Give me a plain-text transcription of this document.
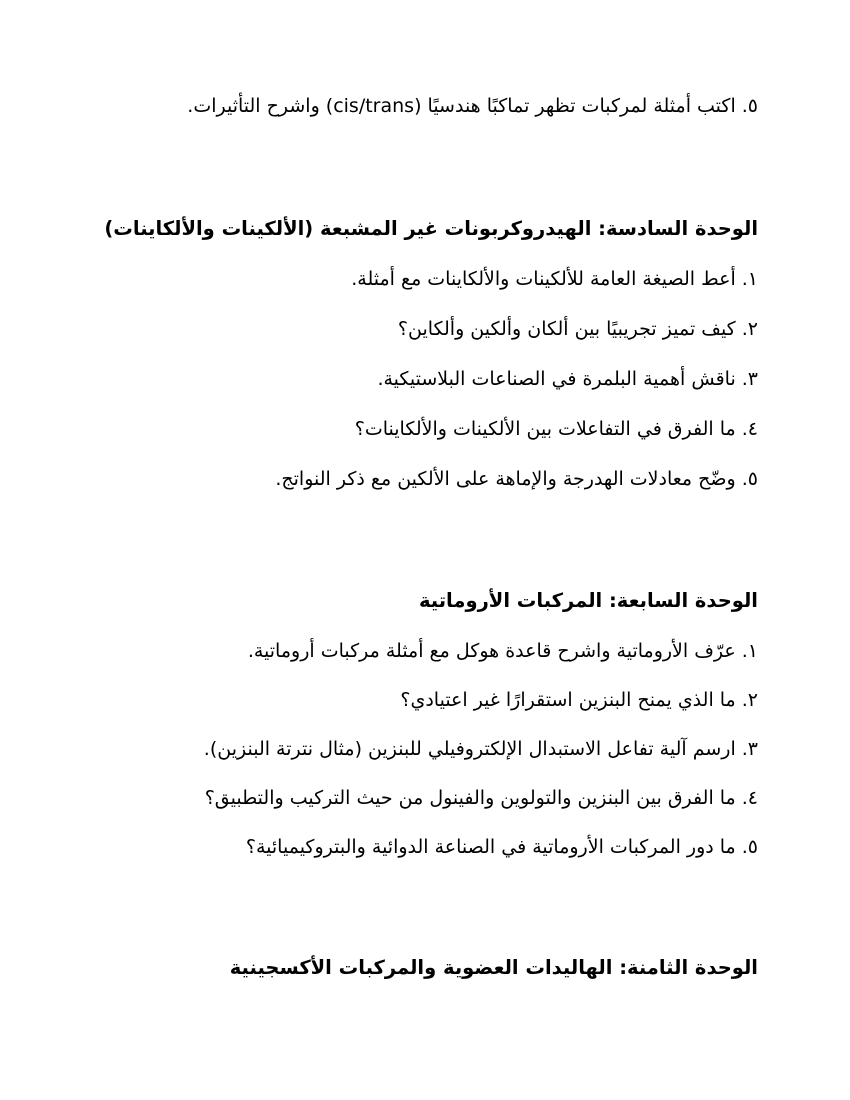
٥.اكتب أمثلة لمركبات تظهر تماكبًا هندسيًا (cis/trans) واشرح التأثيرات.
الوحدة السادسة: الهيدروكربونات غير المشبعة (الألكينات والألكاينات)
١.أعط الصيغة العامة للألكينات والألكاينات مع أمثلة.
٢.كيف تميز تجريبيًا بين ألكان وألكين وألكاين؟
٣.ناقش أهمية البلمرة في الصناعات البلاستيكية.
٤.ما الفرق في التفاعلات بين الألكينات والألكاينات؟
٥.وضّح معادلات الهدرجة والإماهة على الألكين مع ذكر النواتج.
الوحدة السابعة: المركبات الأروماتية
١.عرّف الأروماتية واشرح قاعدة هوكل مع أمثلة مركبات أروماتية.
٢.ما الذي يمنح البنزين استقرارًا غير اعتيادي؟
٣.ارسم آلية تفاعل الاستبدال الإلكتروفيلي للبنزين (مثال نترتة البنزين).
٤.ما الفرق بين البنزين والتولوين والفينول من حيث التركيب والتطبيق؟
٥.ما دور المركبات الأروماتية في الصناعة الدوائية والبتروكيميائية؟
الوحدة الثامنة: الهاليدات العضوية والمركبات الأكسجينية
